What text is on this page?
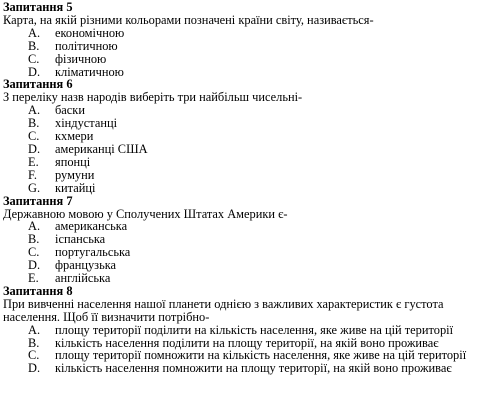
Запитання 5
Карта, на якій різними кольорами позначені країни світу, називається-
A.	економічною
B.	політичною
C.	фізичною
D.	кліматичною
Запитання 6
З переліку назв народів виберіть три найбільш чисельні-
A.	баски
B.	хіндустанці
C.	кхмери
D.	американці США
E.	японці
F.	румуни
G.	китайці
Запитання 7
Державною мовою у Сполучених Штатах Америки є-
A.	американська
B.	іспанська
C.	португальська
D.	французька
E.	англійська
Запитання 8
При вивченні населення нашої планети однією з важливих характеристик є густота населення. Щоб її визначити потрібно-
A.	площу території поділити на кількість населення, яке живе на цій території
B.	кількість населення поділити на площу території, на якій воно проживає
C.	площу території помножити на кількість населення, яке живе на цій території
D.	кількість населення помножити на площу території, на якій воно проживає
